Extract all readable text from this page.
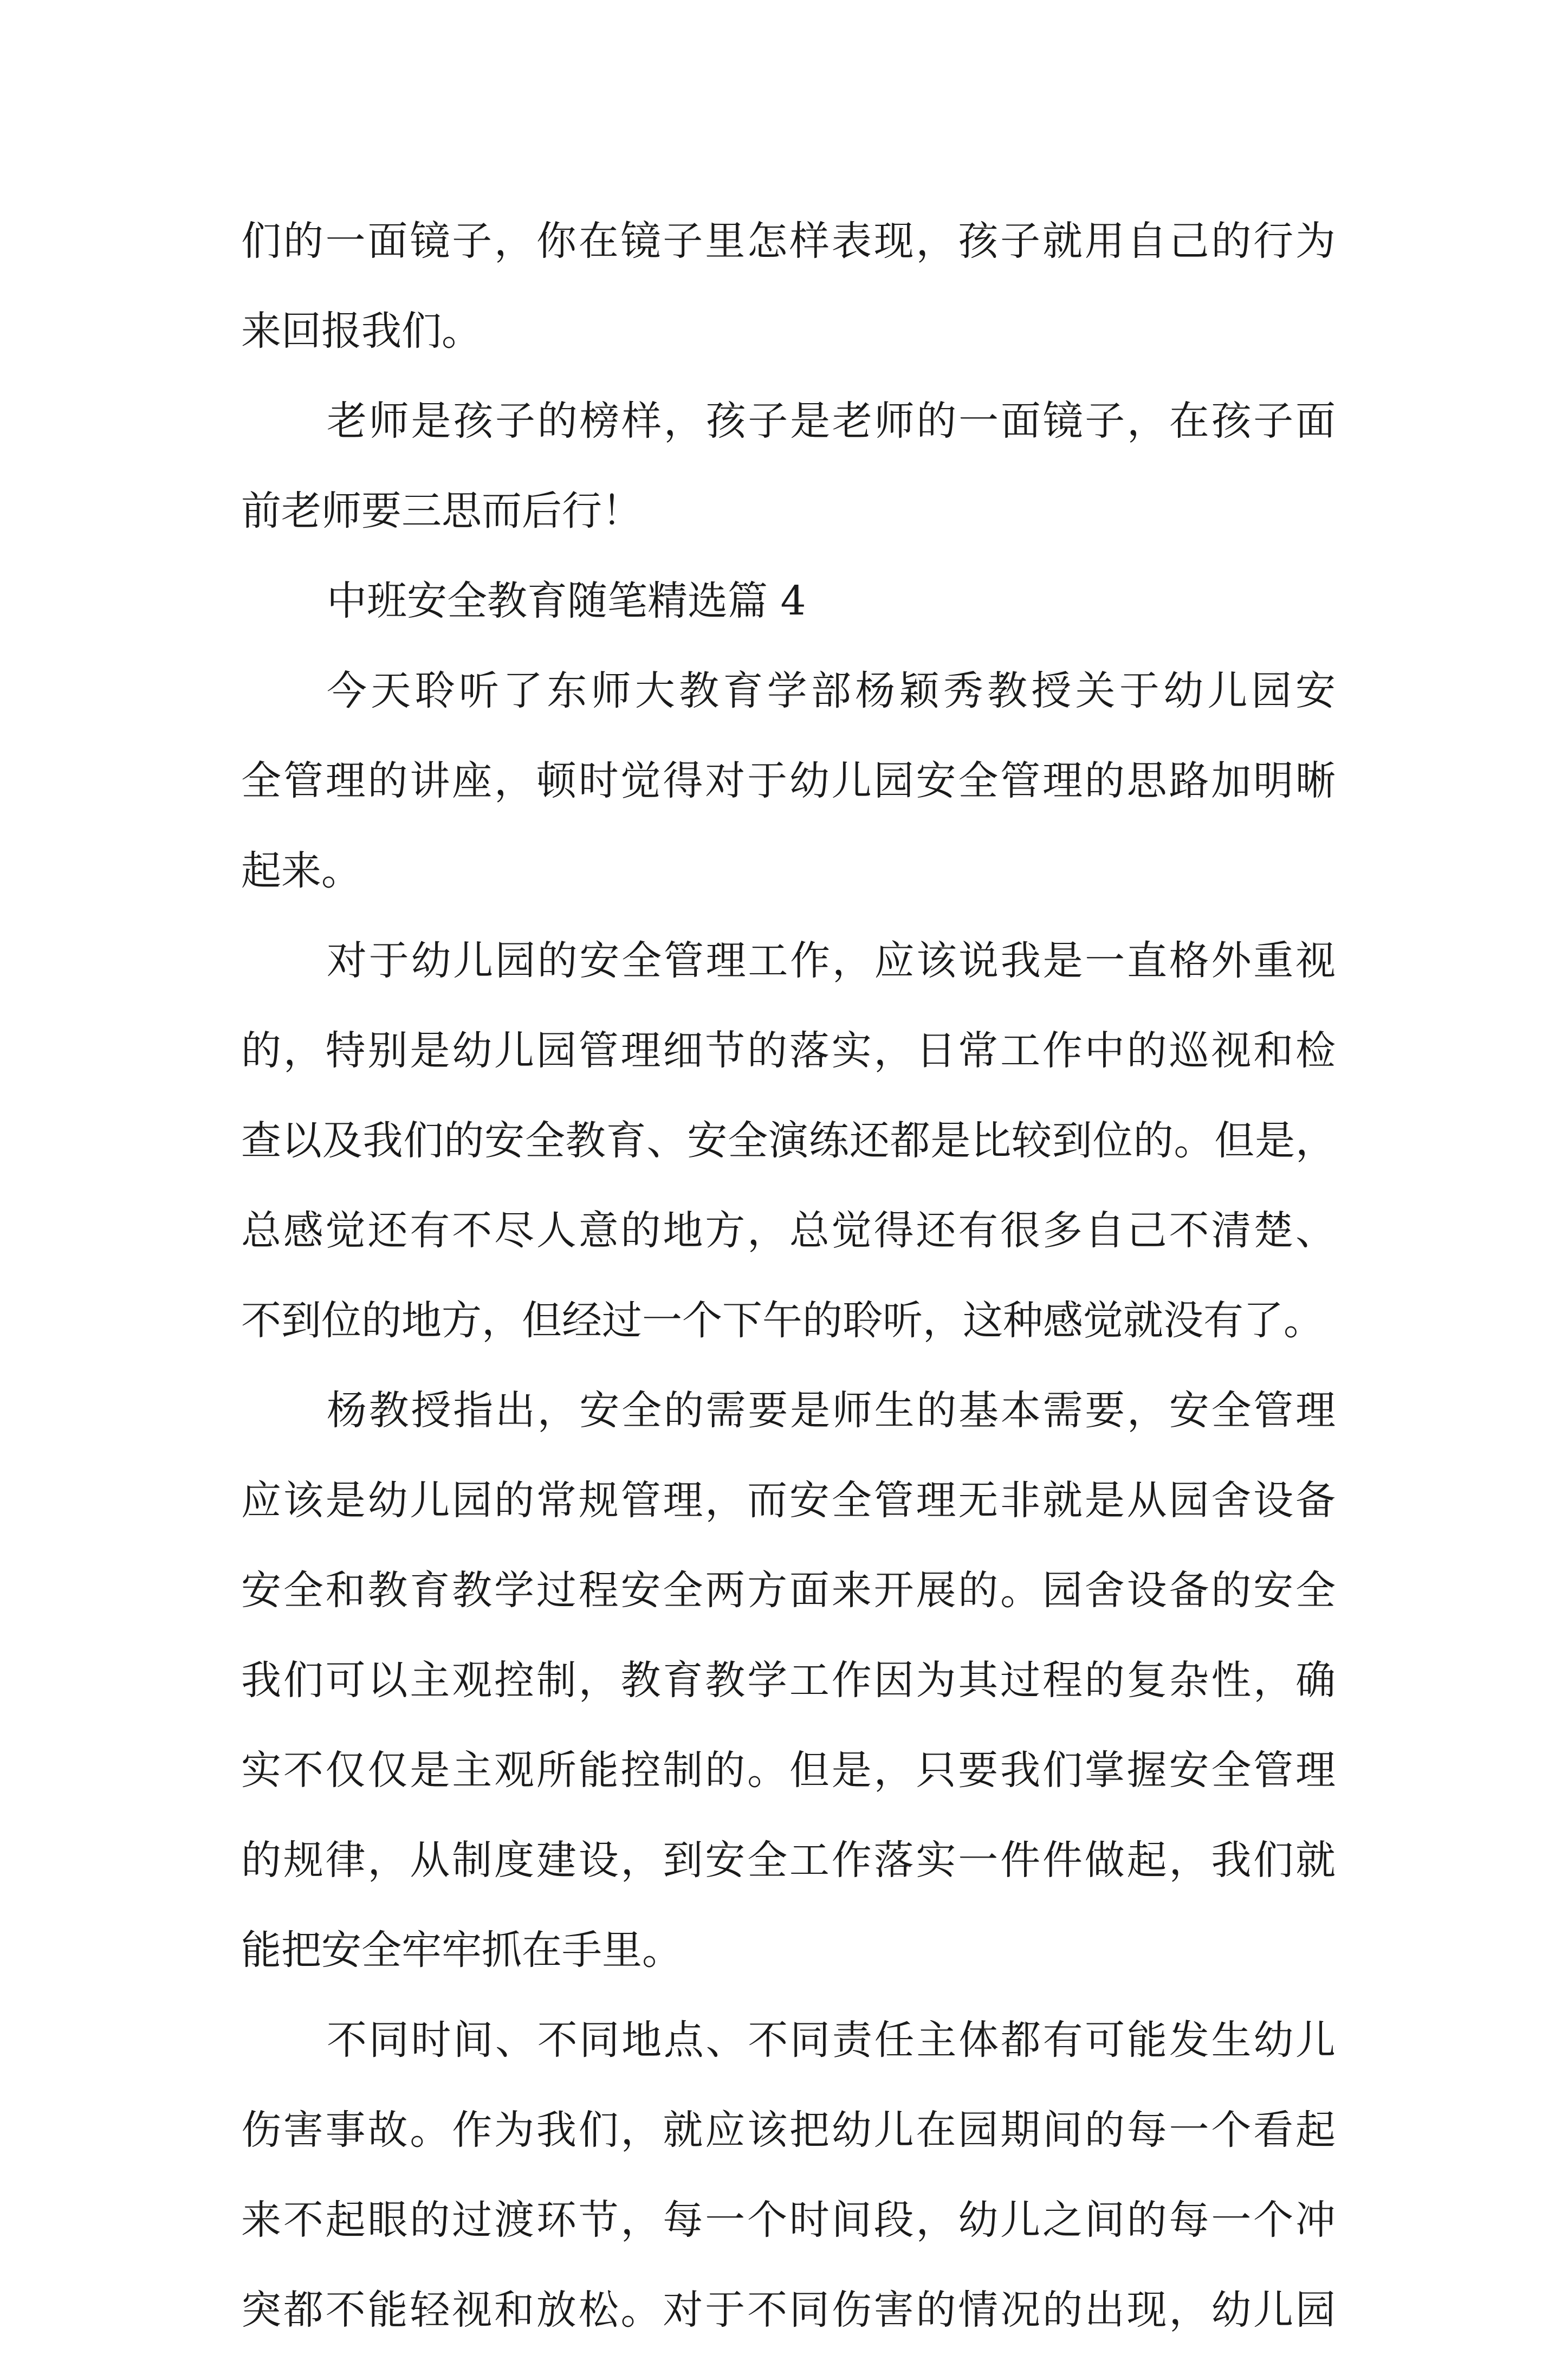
们的一面镜子，你在镜子里怎样表现，孩子就用自己的行为
来回报我们。
老师是孩子的榜样，孩子是老师的一面镜子，在孩子面
前老师要三思而后行！
中班安全教育随笔精选篇 4
今天聆听了东师大教育学部杨颖秀教授关于幼儿园安
全管理的讲座，顿时觉得对于幼儿园安全管理的思路加明晰
起来。
对于幼儿园的安全管理工作，应该说我是一直格外重视
的，特别是幼儿园管理细节的落实，日常工作中的巡视和检
查以及我们的安全教育、安全演练还都是比较到位的。但是，
总感觉还有不尽人意的地方，总觉得还有很多自己不清楚、
不到位的地方，但经过一个下午的聆听，这种感觉就没有了。
杨教授指出，安全的需要是师生的基本需要，安全管理
应该是幼儿园的常规管理，而安全管理无非就是从园舍设备
安全和教育教学过程安全两方面来开展的。园舍设备的安全
我们可以主观控制，教育教学工作因为其过程的复杂性，确
实不仅仅是主观所能控制的。但是，只要我们掌握安全管理
的规律，从制度建设，到安全工作落实一件件做起，我们就
能把安全牢牢抓在手里。
不同时间、不同地点、不同责任主体都有可能发生幼儿
伤害事故。作为我们，就应该把幼儿在园期间的每一个看起
来不起眼的过渡环节，每一个时间段，幼儿之间的每一个冲
突都不能轻视和放松。对于不同伤害的情况的出现，幼儿园
